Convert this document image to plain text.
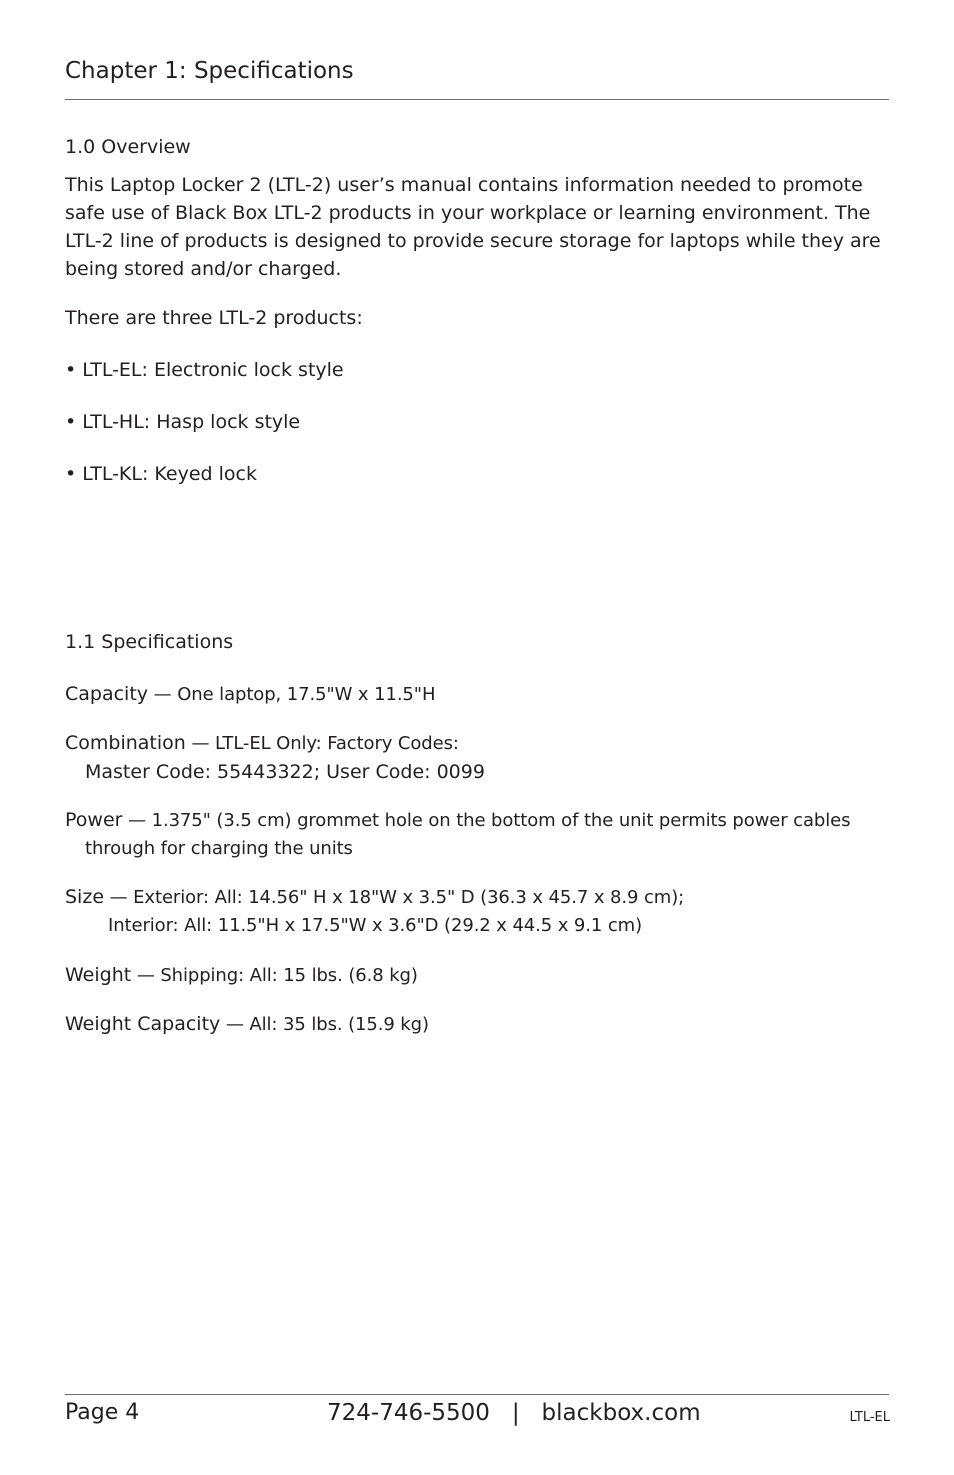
Chapter 1: Specifications
1.0 Overview

This Laptop Locker 2 (LTL-2) user’s manual contains information needed to promote safe use of Black Box LTL-2 products in your workplace or learning environment. The LTL-2 line of products is designed to provide secure storage for laptops while they are being stored and/or charged.

There are three LTL-2 products:

• LTL-EL: Electronic lock style

• LTL-HL: Hasp lock style

• LTL-KL: Keyed lock

1.1 Specifications
Capacity — One laptop, 17.5"W x 11.5"H
Combination — LTL-EL Only: Factory Codes:
Master Code: 55443322; User Code: 0099
Power — 1.375" (3.5 cm) grommet hole on the bottom of the unit permits power cables
through for charging the units
Size — Exterior: All: 14.56" H x 18"W x 3.5" D (36.3 x 45.7 x 8.9 cm);
Interior: All: 11.5"H x 17.5"W x 3.6"D (29.2 x 44.5 x 9.1 cm)
Weight — Shipping: All: 15 lbs. (6.8 kg)
Weight Capacity — All: 35 lbs. (15.9 kg)
Page 4	724-746-5500   |   blackbox.com	LTL-EL
